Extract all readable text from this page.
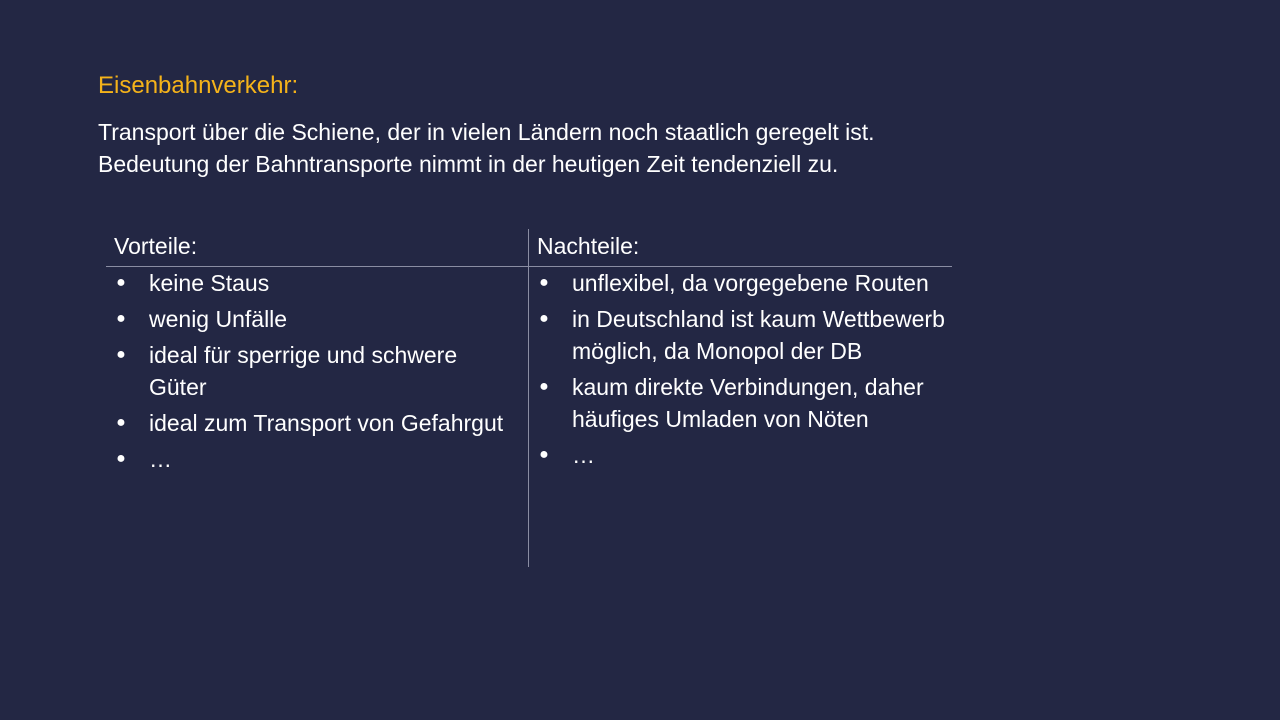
Eisenbahnverkehr:
Transport über die Schiene, der in vielen Ländern noch staatlich geregelt ist.
Bedeutung der Bahntransporte nimmt in der heutigen Zeit tendenziell zu.
Vorteile:
● keine Staus
● wenig Unfälle
● ideal für sperrige und schwere Güter
● ideal zum Transport von Gefahrgut
● …
Nachteile:
● unflexibel, da vorgegebene Routen
● in Deutschland ist kaum Wettbewerb möglich, da Monopol der DB
● kaum direkte Verbindungen, daher häufiges Umladen von Nöten
● …
